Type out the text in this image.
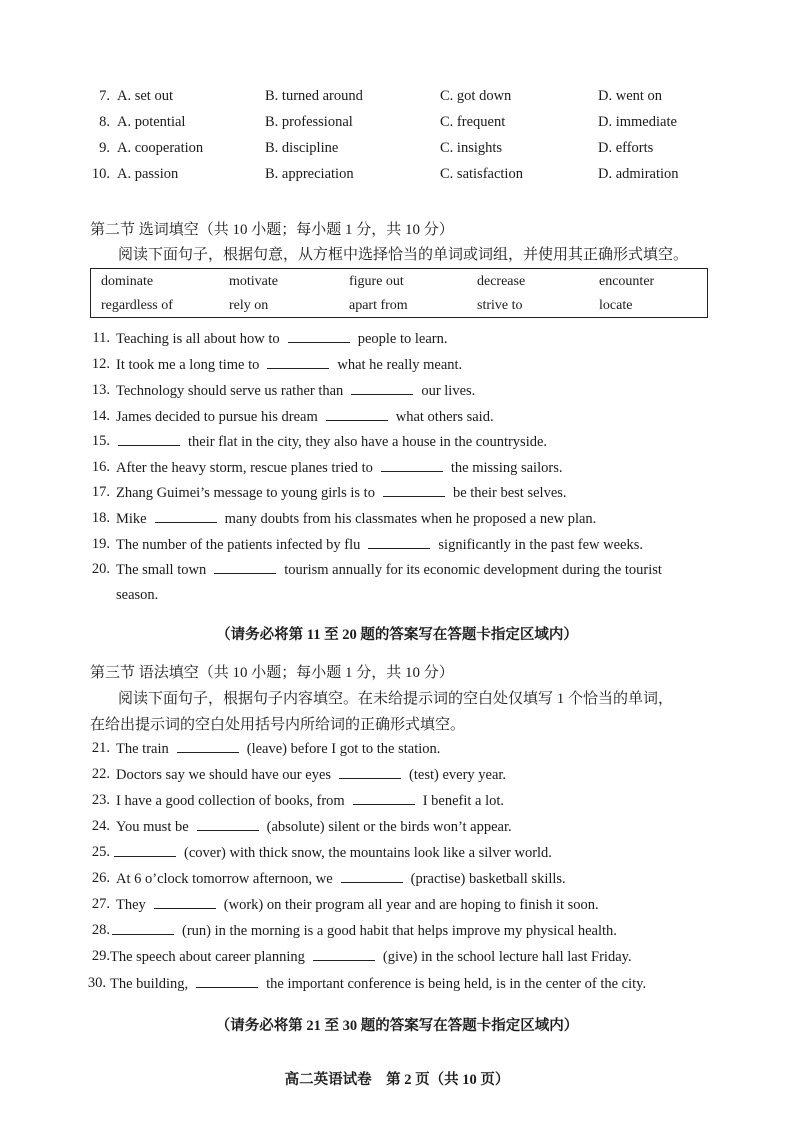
7. A. set out	B. turned around	C. got down	D. went on
8. A. potential	B. professional	C. frequent	D. immediate
9. A. cooperation	B. discipline	C. insights	D. efforts
10. A. passion	B. appreciation	C. satisfaction	D. admiration
第二节 选词填空（共 10 小题；每小题 1 分，共 10 分）
阅读下面句子，根据句意，从方框中选择恰当的单词或词组，并使用其正确形式填空。
dominate	motivate	figure out	decrease	encounter
regardless of	rely on	apart from	strive to	locate
11. Teaching is all about how to	people to learn.
12. It took me a long time to	what he really meant.
13. Technology should serve us rather than	our lives.
14. James decided to pursue his dream	what others said.
15.	their flat in the city, they also have a house in the countryside.
16. After the heavy storm, rescue planes tried to	the missing sailors.
17. Zhang Guimei’s message to young girls is to	be their best selves.
18. Mike	many doubts from his classmates when he proposed a new plan.
19. The number of the patients infected by flu	significantly in the past few weeks.
20. The small town	tourism annually for its economic development during the tourist
season.
（请务必将第 11 至 20 题的答案写在答题卡指定区域内）
第三节 语法填空（共 10 小题；每小题 1 分，共 10 分）
阅读下面句子，根据句子内容填空。在未给提示词的空白处仅填写 1 个恰当的单词，
在给出提示词的空白处用括号内所给词的正确形式填空。
21. The train	(leave) before I got to the station.
22. Doctors say we should have our eyes	(test) every year.
23. I have a good collection of books, from	I benefit a lot.
24. You must be	(absolute) silent or the birds won’t appear.
25.	(cover) with thick snow, the mountains look like a silver world.
26. At 6 o’clock tomorrow afternoon, we	(practise) basketball skills.
27. They	(work) on their program all year and are hoping to finish it soon.
28.	(run) in the morning is a good habit that helps improve my physical health.
29. The speech about career planning	(give) in the school lecture hall last Friday.
30. The building,	the important conference is being held, is in the center of the city.
（请务必将第 21 至 30 题的答案写在答题卡指定区域内）
高二英语试卷　第 2 页（共 10 页）
